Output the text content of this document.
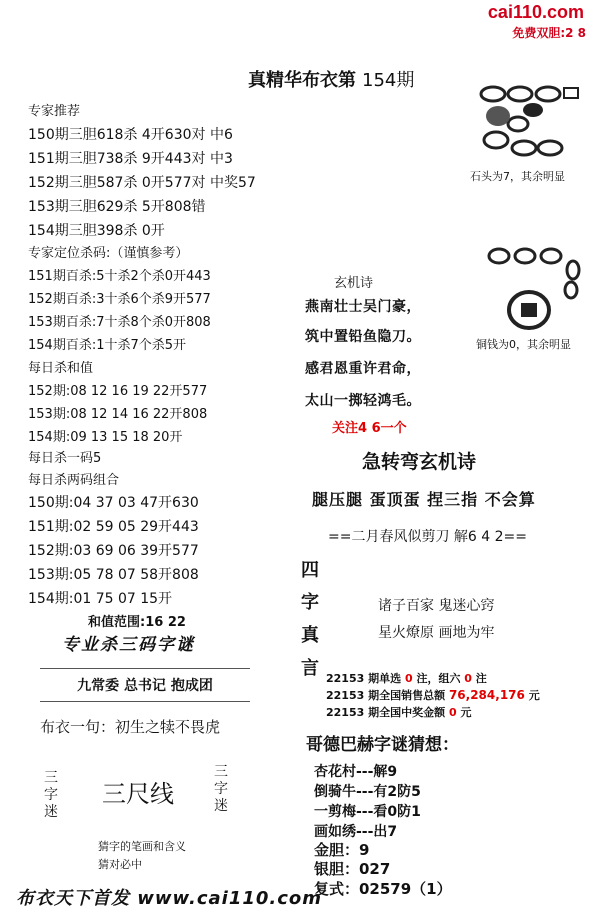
cai110.com
免费双胆:2 8
真精华布衣第 154期
专家推荐
150期三胆618杀 4开630对 中6
151期三胆738杀 9开443对 中3
152期三胆587杀 0开577对 中奖57
153期三胆629杀 5开808错
154期三胆398杀 0开
专家定位杀码:（谨慎参考）
151期百杀:5十杀2个杀0开443
152期百杀:3十杀6个杀9开577
153期百杀:7十杀8个杀0开808
154期百杀:1十杀7个杀5开
每日杀和值
152期:08 12 16 19 22开577
153期:08 12 14 16 22开808
154期:09 13 15 18 20开
每日杀一码5
每日杀两码组合
150期:04 37 03 47开630
151期:02 59 05 29开443
152期:03 69 06 39开577
153期:05 78 07 58开808
154期:01 75 07 15开
和值范围:16 22
专业杀三码字谜
九常委 总书记 抱成团
布衣一句：初生之犊不畏虎
三
字
迷
三尺线
三
字
迷
猜字的笔画和含义
猜对必中
石头为7，其余明显
铜钱为0，其余明显
玄机诗
燕南壮士吴门豪，
筑中置铅鱼隐刀。
感君恩重许君命，
太山一掷轻鸿毛。
关注4 6一个
急转弯玄机诗
腿压腿 蛋顶蛋 捏三指 不会算
==二月春风似剪刀 解6 4 2==
四
字
真
言
诸子百家 鬼迷心窍
星火燎原 画地为牢
22153 期单选 0 注，组六 0 注
22153 期全国销售总额 76,284,176 元
22153 期全国中奖金额 0 元
哥德巴赫字谜猜想：
杏花村---解9
倒骑牛---有2防5
一剪梅---看0防1
画如绣---出7
金胆：9
银胆：027
复式：02579（1）
布衣天下首发 www.cai110.com
